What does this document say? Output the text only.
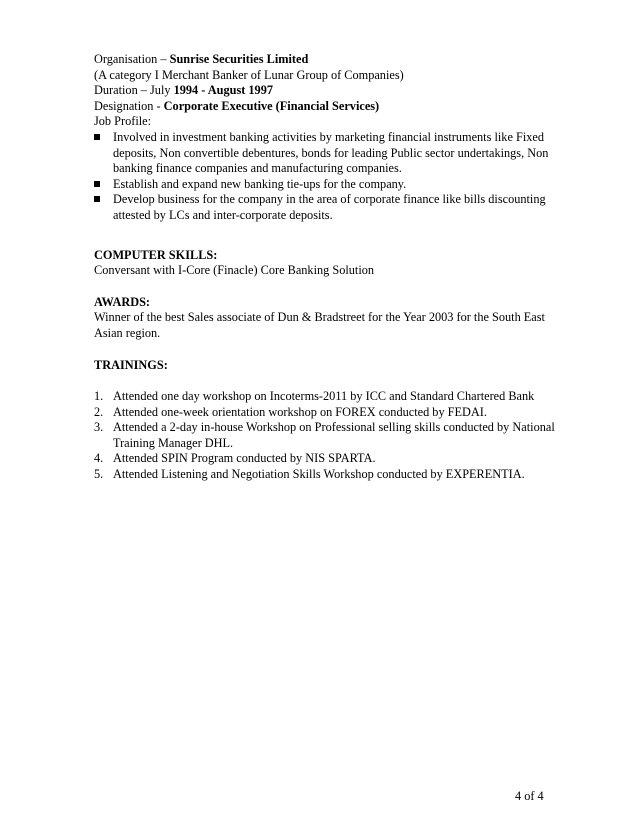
Organisation – Sunrise Securities Limited
(A category I Merchant Banker of Lunar Group of Companies)
Duration – July 1994 - August 1997
Designation - Corporate Executive (Financial Services)
Job Profile:
Involved in investment banking activities by marketing financial instruments like Fixed
deposits, Non convertible debentures, bonds for leading Public sector undertakings, Non
banking finance companies and manufacturing companies.
Establish and expand new banking tie-ups for the company.
Develop business for the company in the area of corporate finance like bills discounting
attested by LCs and inter-corporate deposits.
COMPUTER SKILLS:
Conversant with I-Core (Finacle) Core Banking Solution
AWARDS:
Winner of the best Sales associate of Dun & Bradstreet for the Year 2003 for the South East
Asian region.
TRAININGS:
1. Attended one day workshop on Incoterms-2011 by ICC and Standard Chartered Bank
2. Attended one-week orientation workshop on FOREX conducted by FEDAI.
3. Attended a 2-day in-house Workshop on Professional selling skills conducted by National
Training Manager DHL.
4. Attended SPIN Program conducted by NIS SPARTA.
5. Attended Listening and Negotiation Skills Workshop conducted by EXPERENTIA.
4 of 4
